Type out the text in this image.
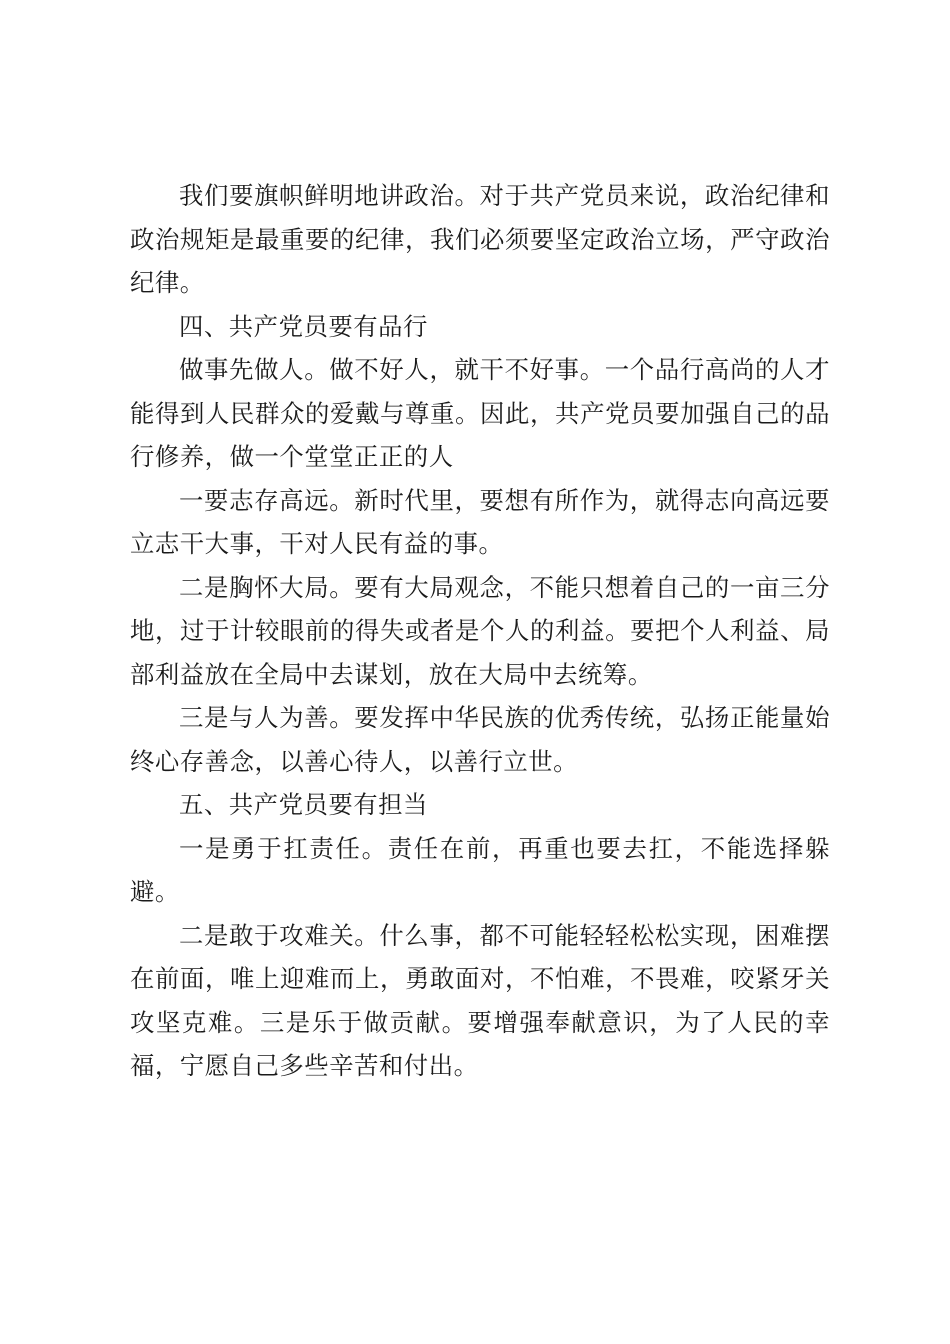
我们要旗帜鲜明地讲政治。对于共产党员来说，政治纪律和政治规矩是最重要的纪律，我们必须要坚定政治立场，严守政治纪律。

四、共产党员要有品行

做事先做人。做不好人，就干不好事。一个品行高尚的人才能得到人民群众的爱戴与尊重。因此，共产党员要加强自己的品行修养，做一个堂堂正正的人

一要志存高远。新时代里，要想有所作为，就得志向高远要立志干大事，干对人民有益的事。

二是胸怀大局。要有大局观念，不能只想着自己的一亩三分地，过于计较眼前的得失或者是个人的利益。要把个人利益、局部利益放在全局中去谋划，放在大局中去统筹。

三是与人为善。要发挥中华民族的优秀传统，弘扬正能量始终心存善念，以善心待人，以善行立世。

五、共产党员要有担当

一是勇于扛责任。责任在前，再重也要去扛，不能选择躲避。

二是敢于攻难关。什么事，都不可能轻轻松松实现，困难摆在前面，唯上迎难而上，勇敢面对，不怕难，不畏难，咬紧牙关攻坚克难。三是乐于做贡献。要增强奉献意识，为了人民的幸福，宁愿自己多些辛苦和付出。
